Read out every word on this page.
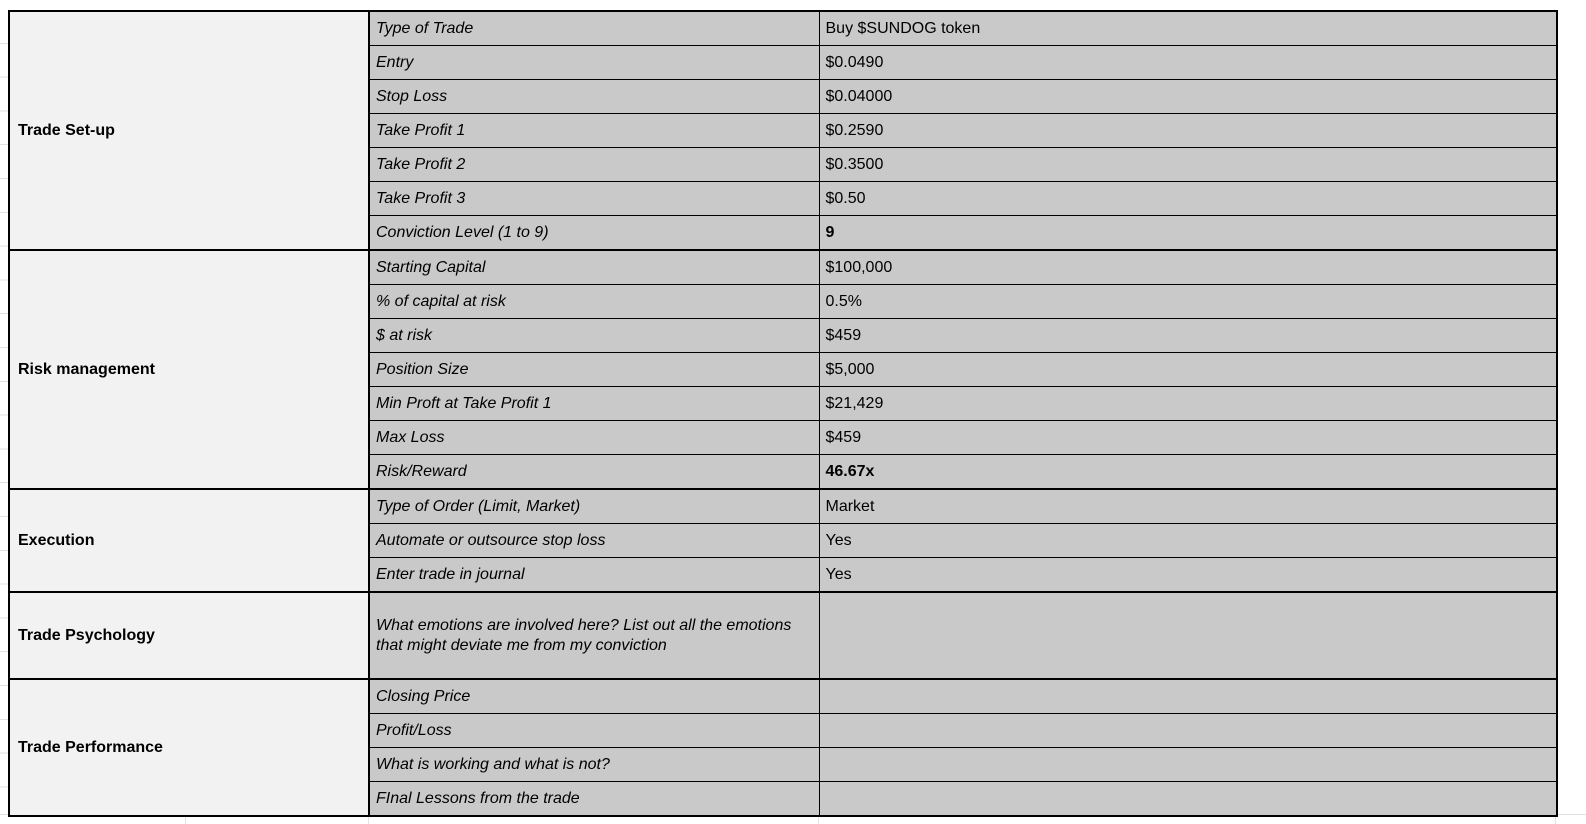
Trade Set-up	Type of Trade	Buy $SUNDOG token
	Entry	$0.0490
	Stop Loss	$0.04000
	Take Profit 1	$0.2590
	Take Profit 2	$0.3500
	Take Profit 3	$0.50
	Conviction Level (1 to 9)	9
Risk management	Starting Capital	$100,000
	% of capital at risk	0.5%
	$ at risk	$459
	Position Size	$5,000
	Min Proft at Take Profit 1	$21,429
	Max Loss	$459
	Risk/Reward	46.67x
Execution	Type of Order (Limit, Market)	Market
	Automate or outsource stop loss	Yes
	Enter trade in journal	Yes
Trade Psychology	What emotions are involved here? List out all the emotions that might deviate me from my conviction	
Trade Performance	Closing Price	
	Profit/Loss	
	What is working and what is not?	
	FInal Lessons from the trade	
